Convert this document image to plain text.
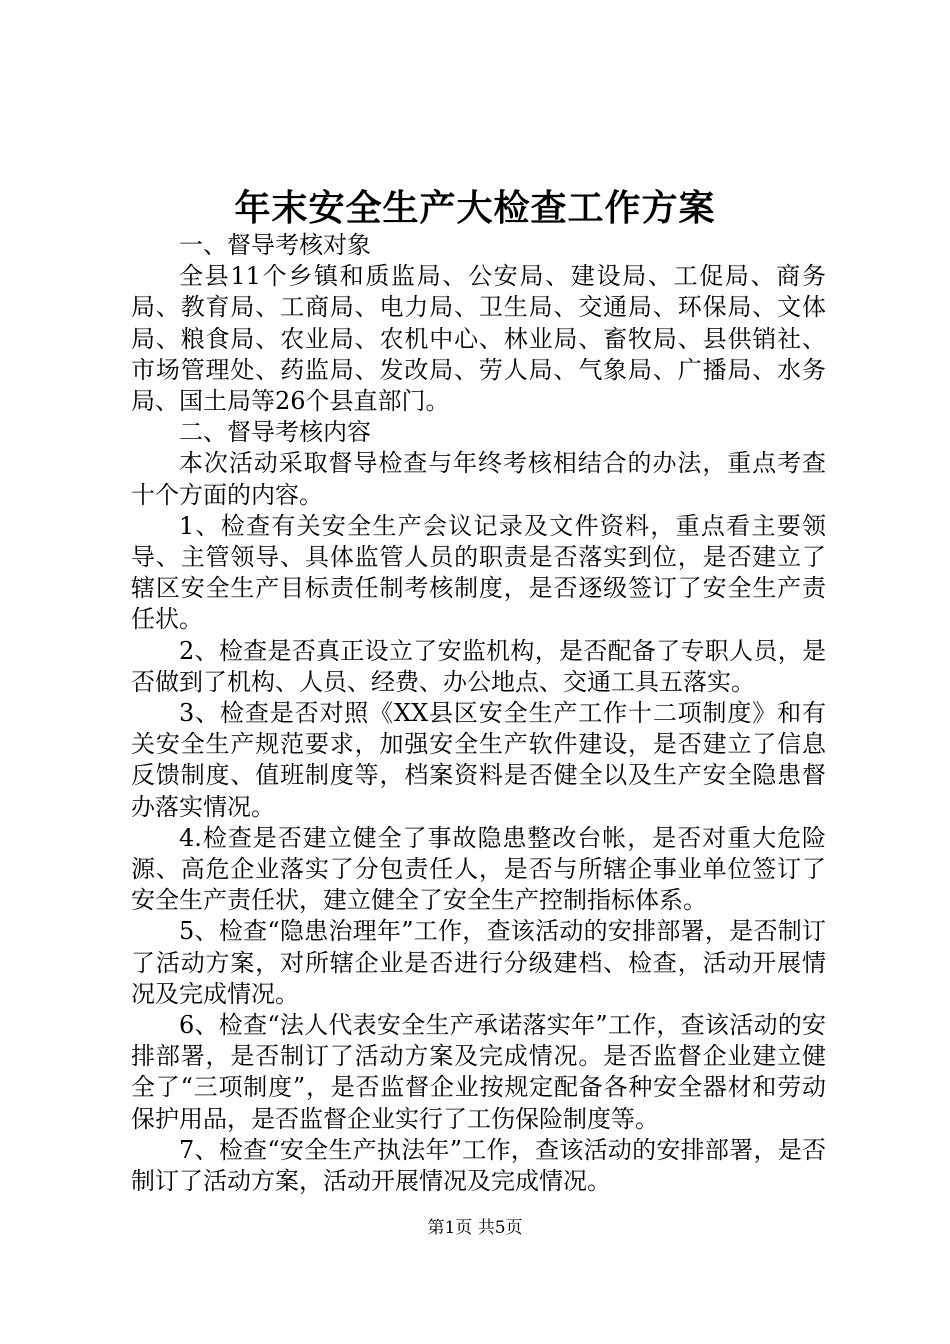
年末安全生产大检查工作方案

一、督导考核对象

全县11个乡镇和质监局、公安局、建设局、工促局、商务局、教育局、工商局、电力局、卫生局、交通局、环保局、文体局、粮食局、农业局、农机中心、林业局、畜牧局、县供销社、市场管理处、药监局、发改局、劳人局、气象局、广播局、水务局、国土局等26个县直部门。

二、督导考核内容

本次活动采取督导检查与年终考核相结合的办法，重点考查十个方面的内容。

1、检查有关安全生产会议记录及文件资料，重点看主要领导、主管领导、具体监管人员的职责是否落实到位，是否建立了辖区安全生产目标责任制考核制度，是否逐级签订了安全生产责任状。

2、检查是否真正设立了安监机构，是否配备了专职人员，是否做到了机构、人员、经费、办公地点、交通工具五落实。

3、检查是否对照《XX县区安全生产工作十二项制度》和有关安全生产规范要求，加强安全生产软件建设，是否建立了信息反馈制度、值班制度等，档案资料是否健全以及生产安全隐患督办落实情况。

4.检查是否建立健全了事故隐患整改台帐，是否对重大危险源、高危企业落实了分包责任人，是否与所辖企事业单位签订了安全生产责任状，建立健全了安全生产控制指标体系。

5、检查“隐患治理年”工作，查该活动的安排部署，是否制订了活动方案，对所辖企业是否进行分级建档、检查，活动开展情况及完成情况。

6、检查“法人代表安全生产承诺落实年”工作，查该活动的安排部署，是否制订了活动方案及完成情况。是否监督企业建立健全了“三项制度”，是否监督企业按规定配备各种安全器材和劳动保护用品，是否监督企业实行了工伤保险制度等。

7、检查“安全生产执法年”工作，查该活动的安排部署，是否制订了活动方案，活动开展情况及完成情况。

第1页 共5页
